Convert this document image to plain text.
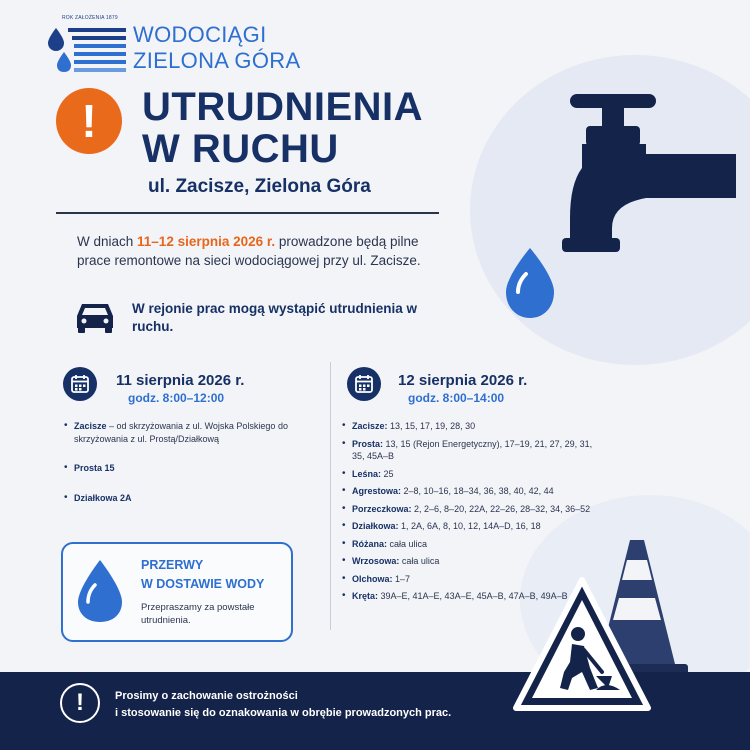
ROK ZAŁOŻENIA 1879
WODOCIĄGI
ZIELONA GÓRA
!	UTRUDNIENIA
W RUCHU
ul. Zacisze, Zielona Góra
W dniach 11–12 sierpnia 2026 r. prowadzone będą pilne prace remontowe na sieci wodociągowej przy ul. Zacisze.
W rejonie prac mogą wystąpić utrudnienia w ruchu.
11 sierpnia 2026 r.
godz. 8:00–12:00
• Zacisze – od skrzyżowania z ul. Wojska Polskiego do skrzyżowania z ul. Prostą/Działkową
• Prosta 15
• Działkowa 2A
12 sierpnia 2026 r.
godz. 8:00–14:00
• Zacisze: 13, 15, 17, 19, 28, 30
• Prosta: 13, 15 (Rejon Energetyczny), 17–19, 21, 27, 29, 31, 35, 45A–B
• Leśna: 25
• Agrestowa: 2–8, 10–16, 18–34, 36, 38, 40, 42, 44
• Porzeczkowa: 2, 2–6, 8–20, 22A, 22–26, 28–32, 34, 36–52
• Działkowa: 1, 2A, 6A, 8, 10, 12, 14A–D, 16, 18
• Różana: cała ulica
• Wrzosowa: cała ulica
• Olchowa: 1–7
• Kręta: 39A–E, 41A–E, 43A–E, 45A–B, 47A–B, 49A–B
PRZERWY
W DOSTAWIE WODY
Przepraszamy za powstałe utrudnienia.
!	Prosimy o zachowanie ostrożności
i stosowanie się do oznakowania w obrębie prowadzonych prac.
